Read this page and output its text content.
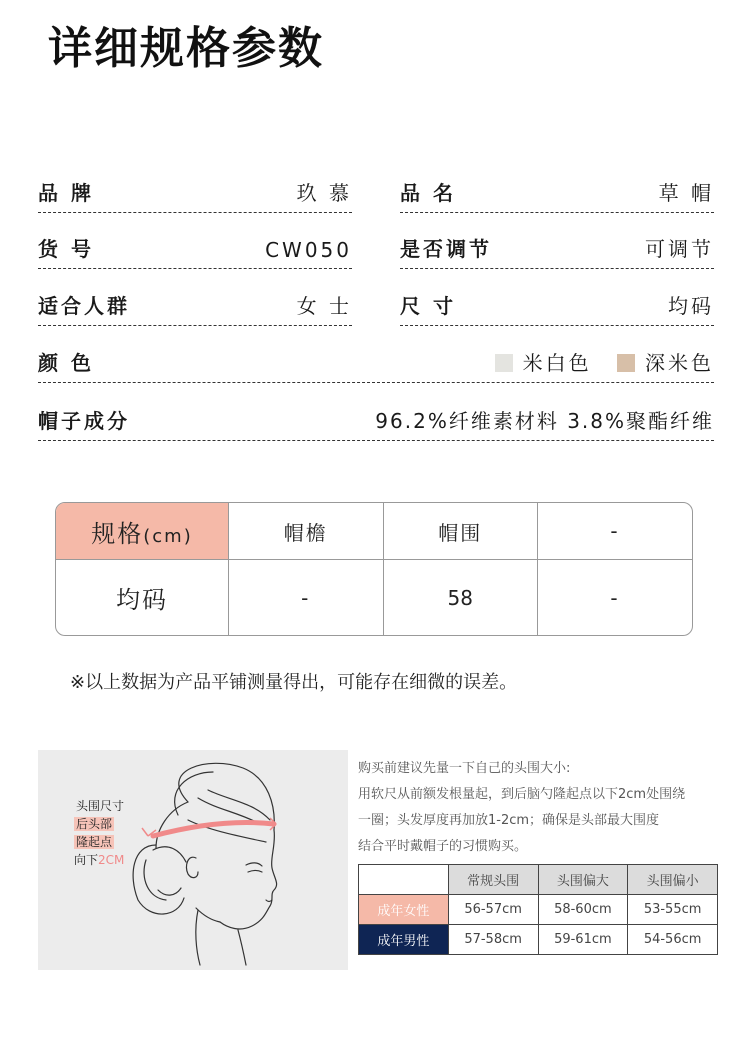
详细规格参数
品 牌	玖 慕 品 名	草 帽
货 号	CW050 是否调节	可调节
适合人群	女 士 尺 寸	均码
颜 色	米白色	深米色
帽子成分	96.2%纤维素材料 3.8%聚酯纤维
规格(cm)	帽檐	帽围	-
均码	-	58	-
※以上数据为产品平铺测量得出，可能存在细微的误差。
头围尺寸
后头部
隆起点
向下2CM
购买前建议先量一下自己的头围大小:
用软尺从前额发根量起，到后脑勺隆起点以下2cm处围绕
一圈；头发厚度再加放1-2cm；确保是头部最大围度
结合平时戴帽子的习惯购买。
	常规头围	头围偏大	头围偏小
成年女性	56-57cm	58-60cm	53-55cm
成年男性	57-58cm	59-61cm	54-56cm
